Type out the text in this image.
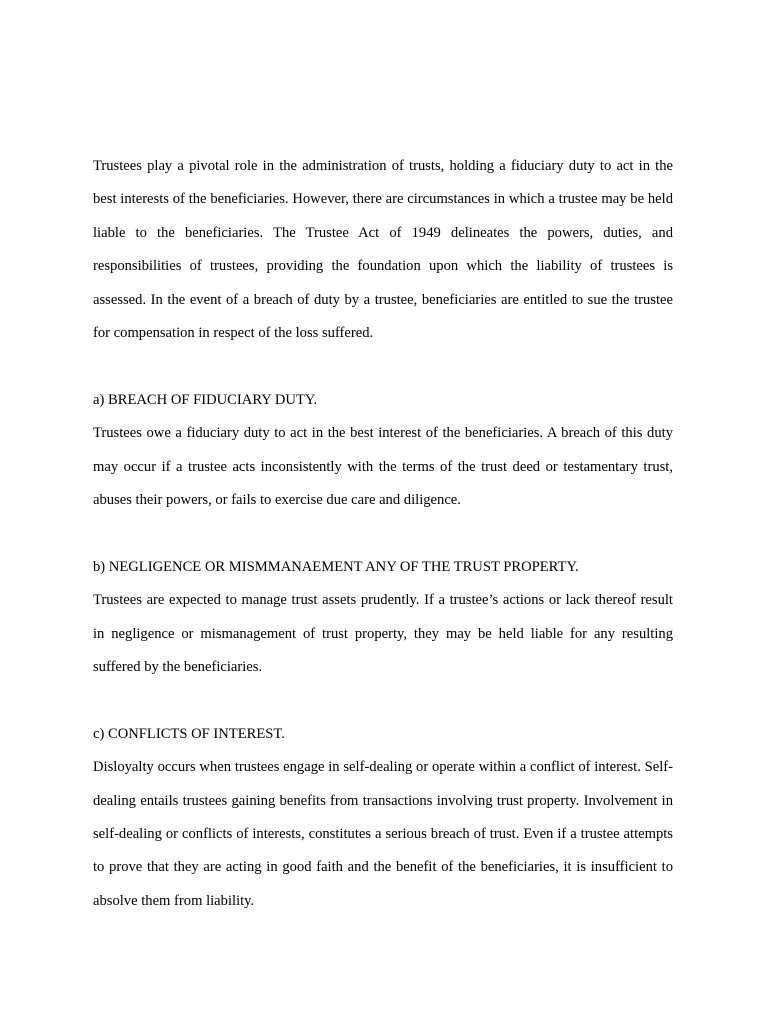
Trustees play a pivotal role in the administration of trusts, holding a fiduciary duty to act in the best interests of the beneficiaries. However, there are circumstances in which a trustee may be held liable to the beneficiaries. The Trustee Act of 1949 delineates the powers, duties, and responsibilities of trustees, providing the foundation upon which the liability of trustees is assessed. In the event of a breach of duty by a trustee, beneficiaries are entitled to sue the trustee for compensation in respect of the loss suffered.

a) BREACH OF FIDUCIARY DUTY.

Trustees owe a fiduciary duty to act in the best interest of the beneficiaries. A breach of this duty may occur if a trustee acts inconsistently with the terms of the trust deed or testamentary trust, abuses their powers, or fails to exercise due care and diligence.

b) NEGLIGENCE OR MISMMANAEMENT ANY OF THE TRUST PROPERTY.

Trustees are expected to manage trust assets prudently. If a trustee’s actions or lack thereof result in negligence or mismanagement of trust property, they may be held liable for any resulting suffered by the beneficiaries.

c) CONFLICTS OF INTEREST.

Disloyalty occurs when trustees engage in self-dealing or operate within a conflict of interest. Self-dealing entails trustees gaining benefits from transactions involving trust property. Involvement in self-dealing or conflicts of interests, constitutes a serious breach of trust. Even if a trustee attempts to prove that they are acting in good faith and the benefit of the beneficiaries, it is insufficient to absolve them from liability.
